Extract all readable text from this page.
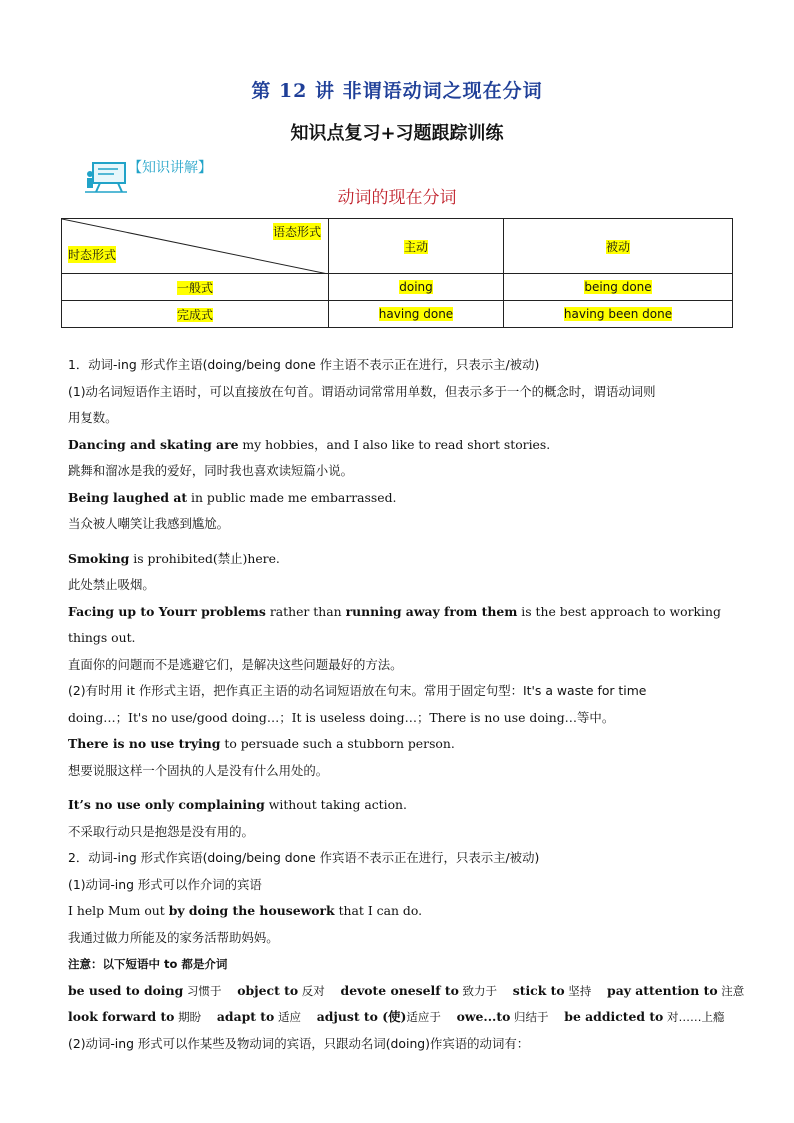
第 12 讲 非谓语动词之现在分词
知识点复习+习题跟踪训练
【知识讲解】
动词的现在分词
语态形式
时态形式	主动	被动
一般式	doing	being done
完成式	having done	having been done

1．动词-ing 形式作主语(doing/being done 作主语不表示正在进行，只表示主/被动)

(1)动名词短语作主语时，可以直接放在句首。谓语动词常常用单数，但表示多于一个的概念时，谓语动词则

用复数。

Dancing and skating are my hobbies，and I also like to read short stories.

跳舞和溜冰是我的爱好，同时我也喜欢读短篇小说。

Being laughed at in public made me embarrassed.

当众被人嘲笑让我感到尴尬。

Smoking is prohibited(禁止)here.

此处禁止吸烟。

Facing up to Yourr problems rather than running away from them is the best approach to working things out.

直面你的问题而不是逃避它们，是解决这些问题最好的方法。

(2)有时用 it 作形式主语，把作真正主语的动名词短语放在句末。常用于固定句型：It's a waste for time

doing…；It's no use/good doing…；It is useless doing…；There is no use doing…等中。

There is no use trying to persuade such a stubborn person.

想要说服这样一个固执的人是没有什么用处的。

It’s no use only complaining without taking action.

不采取行动只是抱怨是没有用的。

2．动词-ing 形式作宾语(doing/being done 作宾语不表示正在进行，只表示主/被动)

(1)动词-ing 形式可以作介词的宾语

I help Mum out by doing the housework that I can do.

我通过做力所能及的家务活帮助妈妈。

注意：以下短语中 to 都是介词

be used to doing 习惯于 object to 反对 devote oneself to 致力于 stick to 坚持 pay attention to 注意

look forward to 期盼 adapt to 适应 adjust to (使)适应于 owe...to 归结于 be addicted to 对……上瘾

(2)动词-ing 形式可以作某些及物动词的宾语，只跟动名词(doing)作宾语的动词有：
